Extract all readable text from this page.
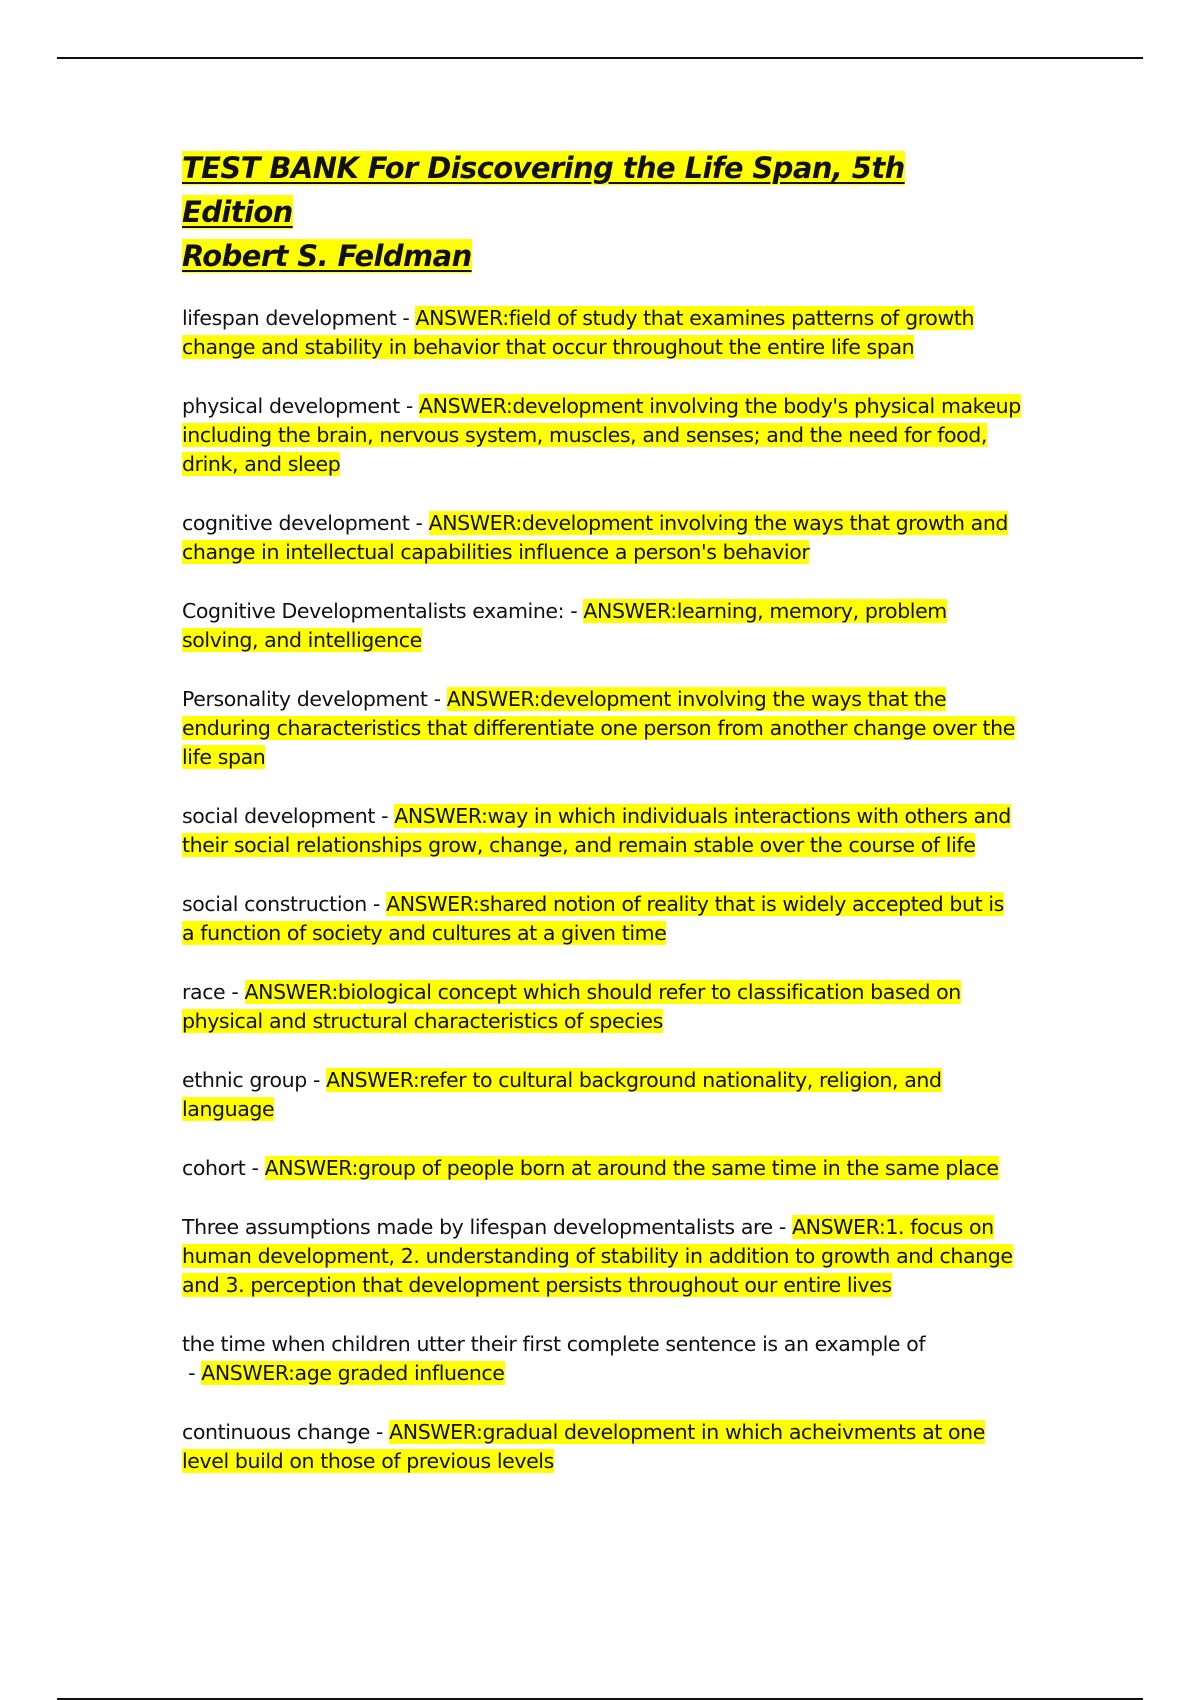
TEST BANK For Discovering the Life Span, 5th Edition
Robert S. Feldman
lifespan development - ANSWER:field of study that examines patterns of growth change and stability in behavior that occur throughout the entire life span
physical development - ANSWER:development involving the body's physical makeup including the brain, nervous system, muscles, and senses; and the need for food, drink, and sleep
cognitive development - ANSWER:development involving the ways that growth and change in intellectual capabilities influence a person's behavior
Cognitive Developmentalists examine: - ANSWER:learning, memory, problem solving, and intelligence
Personality development - ANSWER:development involving the ways that the enduring characteristics that differentiate one person from another change over the life span
social development - ANSWER:way in which individuals interactions with others and their social relationships grow, change, and remain stable over the course of life
social construction - ANSWER:shared notion of reality that is widely accepted but is a function of society and cultures at a given time
race - ANSWER:biological concept which should refer to classification based on physical and structural characteristics of species
ethnic group - ANSWER:refer to cultural background nationality, religion, and language
cohort - ANSWER:group of people born at around the same time in the same place
Three assumptions made by lifespan developmentalists are - ANSWER:1. focus on human development, 2. understanding of stability in addition to growth and change and 3. perception that development persists throughout our entire lives
the time when children utter their first complete sentence is an example of - ANSWER:age graded influence
continuous change - ANSWER:gradual development in which acheivments at one level build on those of previous levels
